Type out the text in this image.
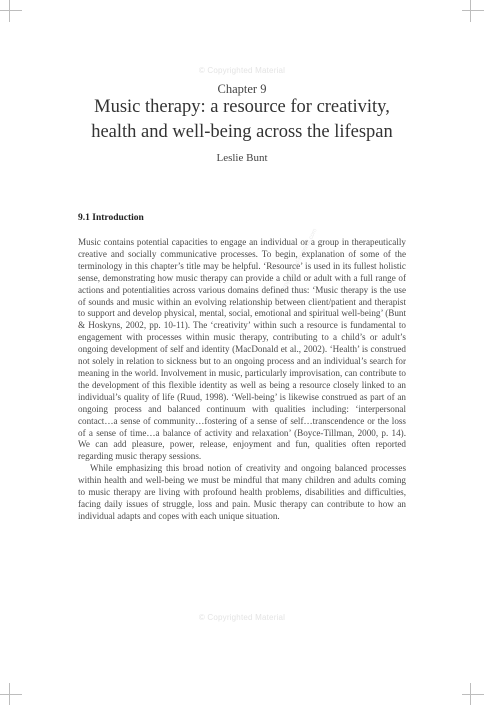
© Copyrighted Material
www.copyrighted-material.com
Chapter 9
Music therapy: a resource for creativity,
health and well-being across the lifespan
Leslie Bunt
9.1 Introduction

Music contains potential capacities to engage an individual or a group in therapeutically creative and socially communicative processes. To begin, explanation of some of the terminology in this chapter’s title may be helpful. ‘Resource’ is used in its fullest holistic sense, demonstrating how music therapy can provide a child or adult with a full range of actions and potentialities across various domains defined thus: ‘Music therapy is the use of sounds and music within an evolving relationship between client/patient and therapist to support and develop physical, mental, social, emotional and spiritual well-being’ (Bunt & Hoskyns, 2002, pp. 10-11). The ‘creativity’ within such a resource is fundamental to engagement with processes within music therapy, contributing to a child’s or adult’s ongoing development of self and identity (MacDonald et al., 2002). ‘Health’ is construed not solely in relation to sickness but to an ongoing process and an individual’s search for meaning in the world. Involvement in music, particularly improvisation, can contribute to the development of this flexible identity as well as being a resource closely linked to an individual’s quality of life (Ruud, 1998). ‘Well-being’ is likewise construed as part of an ongoing process and balanced continuum with qualities including: ‘interpersonal contact…a sense of community…fostering of a sense of self…transcendence or the loss of a sense of time…a balance of activity and relaxation’ (Boyce-Tillman, 2000, p. 14). We can add pleasure, power, release, enjoyment and fun, qualities often reported regarding music therapy sessions.

While emphasizing this broad notion of creativity and ongoing balanced processes within health and well-being we must be mindful that many children and adults coming to music therapy are living with profound health problems, disabilities and difficulties, facing daily issues of struggle, loss and pain. Music therapy can contribute to how an individual adapts and copes with each unique situation.

© Copyrighted Material
